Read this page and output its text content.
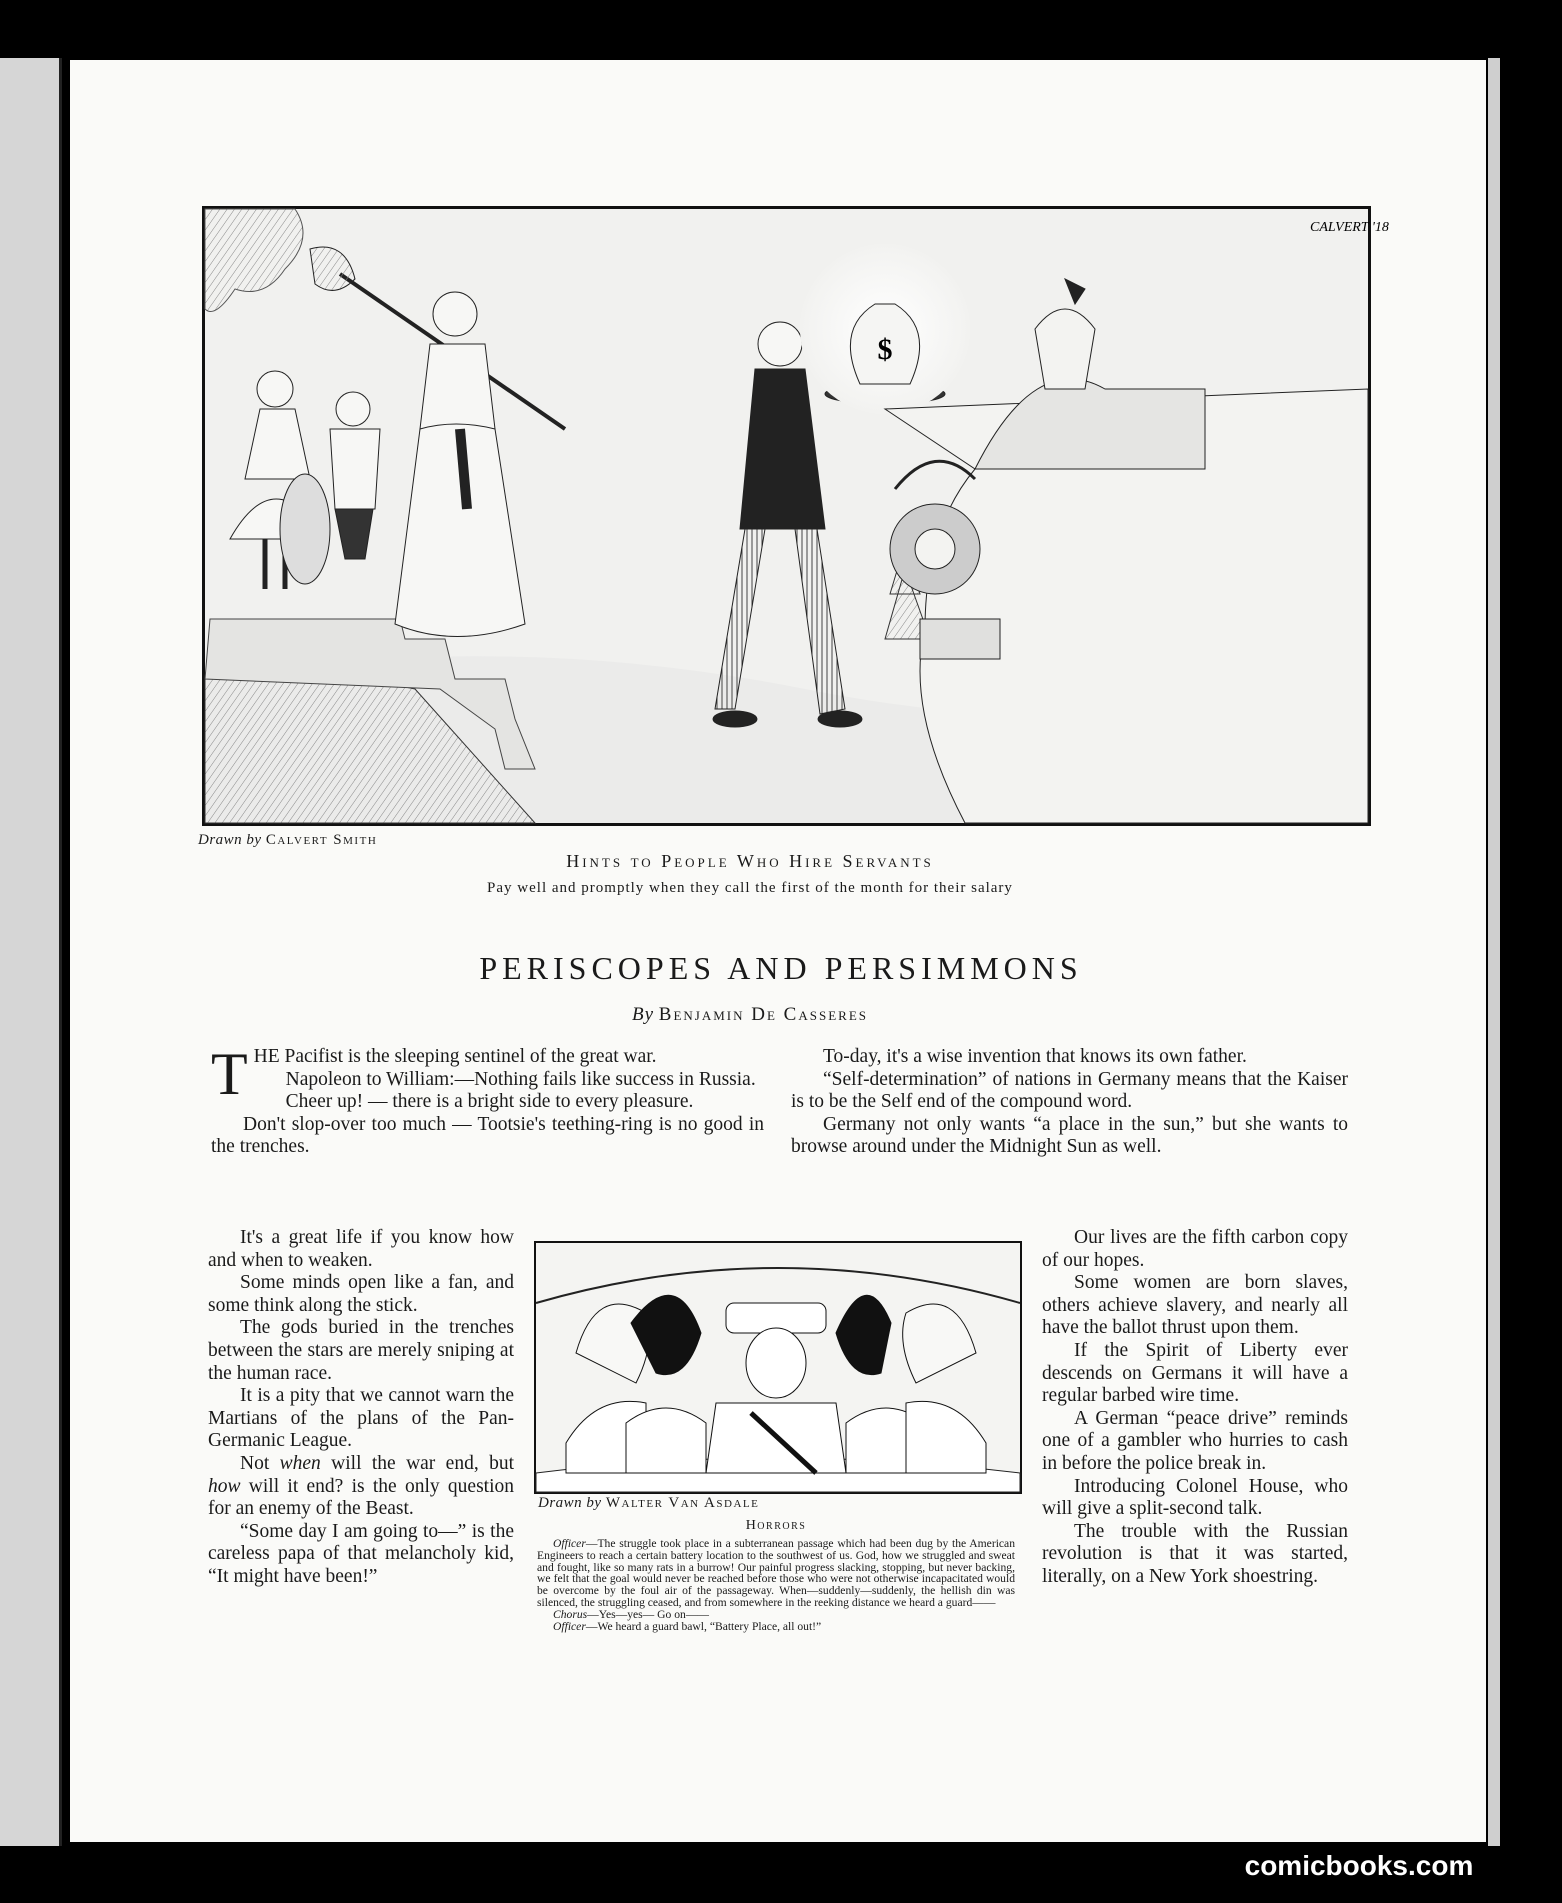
$
CALVERT '18
Drawn by Calvert Smith
Hints to People Who Hire Servants
Pay well and promptly when they call the first of the month for their salary
PERISCOPES AND PERSIMMONS
By Benjamin De Casseres

THE Pacifist is the sleeping sentinel of the great war.

Napoleon to William:—Nothing fails like success in Russia.

Cheer up! — there is a bright side to every pleasure.

Don't slop-over too much — Tootsie's teething-ring is no good in the trenches.

To-day, it's a wise invention that knows its own father.

“Self-determination” of nations in Germany means that the Kaiser is to be the Self end of the compound word.

Germany not only wants “a place in the sun,” but she wants to browse around under the Midnight Sun as well.

It's a great life if you know how and when to weaken.

Some minds open like a fan, and some think along the stick.

The gods buried in the trenches between the stars are merely sniping at the human race.

It is a pity that we cannot warn the Martians of the plans of the Pan-Germanic League.

Not when will the war end, but how will it end? is the only question for an enemy of the Beast.

“Some day I am going to—” is the careless papa of that melancholy kid, “It might have been!”

Drawn by Walter Van Asdale
Horrors

Officer—The struggle took place in a subterranean passage which had been dug by the American Engineers to reach a certain battery location to the southwest of us. God, how we struggled and sweat and fought, like so many rats in a burrow! Our painful progress slacking, stopping, but never backing, we felt that the goal would never be reached before those who were not otherwise incapacitated would be overcome by the foul air of the passageway. When—suddenly—suddenly, the hellish din was silenced, the struggling ceased, and from somewhere in the reeking distance we heard a guard——

Chorus—Yes—yes— Go on——

Officer—We heard a guard bawl, “Battery Place, all out!”

Our lives are the fifth carbon copy of our hopes.

Some women are born slaves, others achieve slavery, and nearly all have the ballot thrust upon them.

If the Spirit of Liberty ever descends on Germans it will have a regular barbed wire time.

A German “peace drive” reminds one of a gambler who hurries to cash in before the police break in.

Introducing Colonel House, who will give a split-second talk.

The trouble with the Russian revolution is that it was started, literally, on a New York shoestring.

comicbooks.com
